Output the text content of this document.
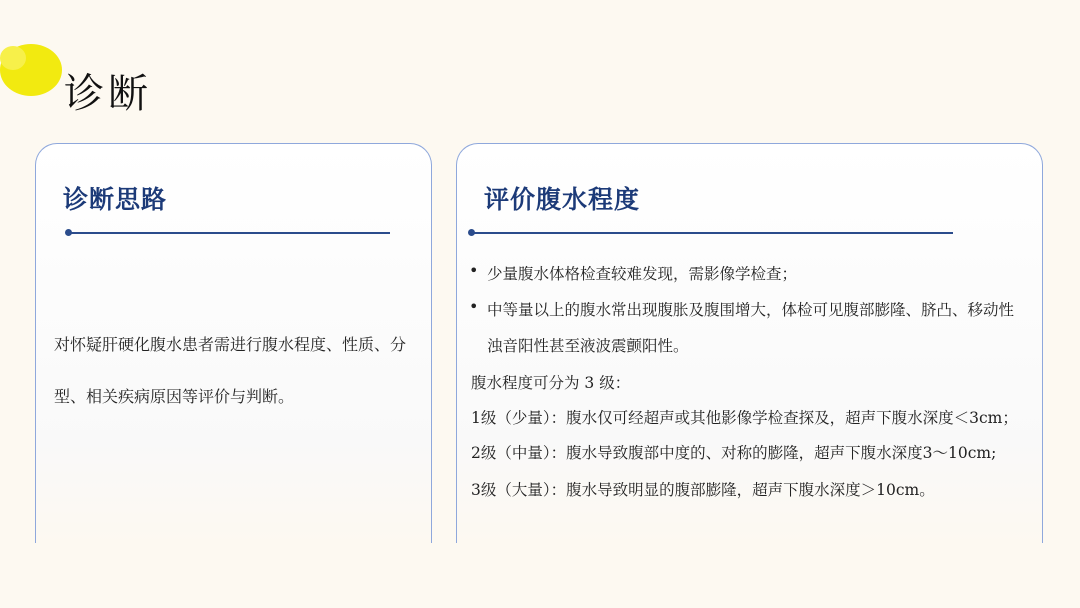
诊断
诊断思路

对怀疑肝硬化腹水患者需进行腹水程度、性质、分型、相关疾病原因等评价与判断。

评价腹水程度
• 少量腹水体格检查较难发现，需影像学检查；

• 中等量以上的腹水常出现腹胀及腹围增大，体检可见腹部膨隆、脐凸、移动性

浊音阳性甚至液波震颤阳性。

腹水程度可分为 3 级：

1级（少量）：腹水仅可经超声或其他影像学检查探及，超声下腹水深度＜3cm；

2级（中量）：腹水导致腹部中度的、对称的膨隆，超声下腹水深度3～10cm;

3级（大量）：腹水导致明显的腹部膨隆，超声下腹水深度＞10cm。
